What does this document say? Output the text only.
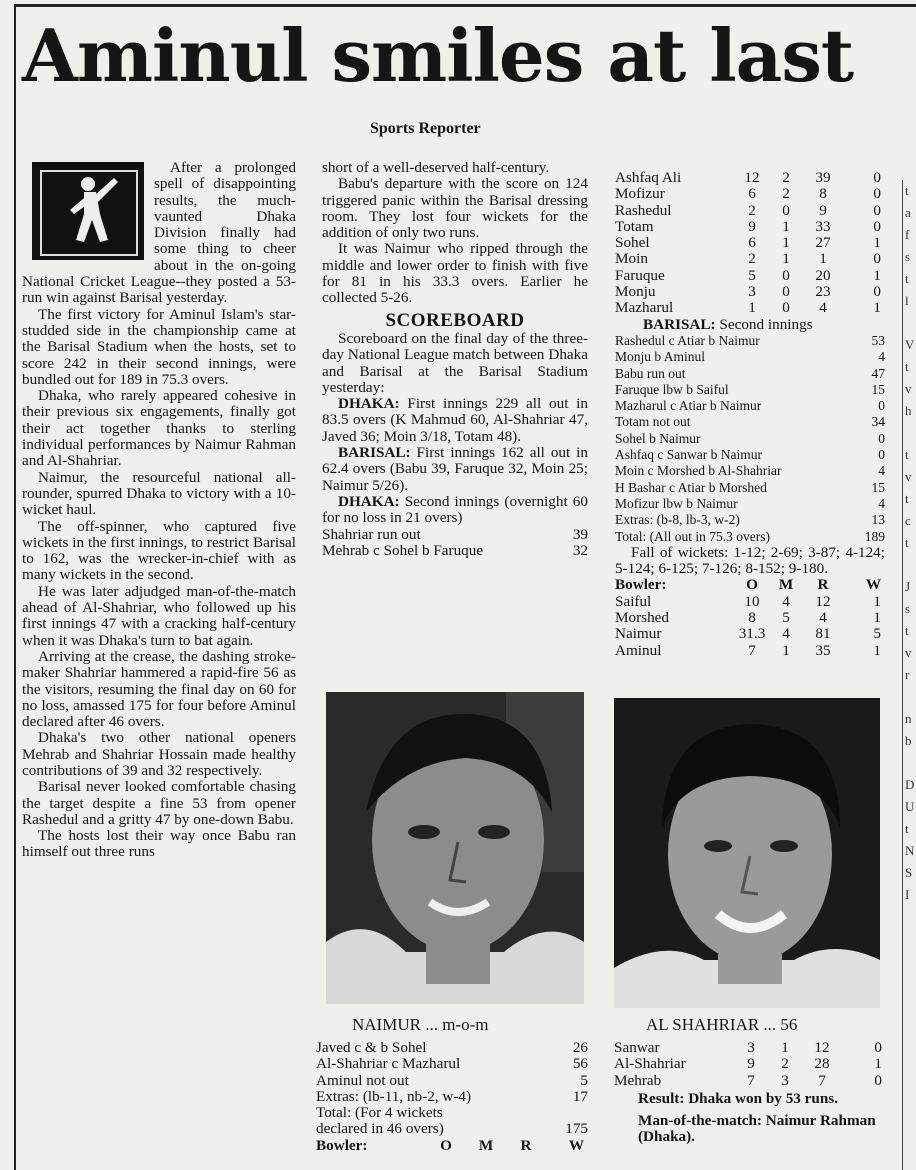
Aminul smiles at last
Sports Reporter

After a prolonged spell of disappointing results, the much-vaunted Dhaka Division finally had some thing to cheer about in the on-going National Cricket League--they posted a 53-run win against Barisal yesterday.

The first victory for Aminul Islam's star-studded side in the championship came at the Barisal Stadium when the hosts, set to score 242 in their second innings, were bundled out for 189 in 75.3 overs.

Dhaka, who rarely appeared cohesive in their previous six engagements, finally got their act together thanks to sterling individual performances by Naimur Rahman and Al-Shahriar.

Naimur, the resourceful national all-rounder, spurred Dhaka to victory with a 10-wicket haul.

The off-spinner, who captured five wickets in the first innings, to restrict Barisal to 162, was the wrecker-in-chief with as many wickets in the second.

He was later adjudged man-of-the-match ahead of Al-Shahriar, who followed up his first innings 47 with a cracking half-century when it was Dhaka's turn to bat again.

Arriving at the crease, the dashing stroke-maker Shahriar hammered a rapid-fire 56 as the visitors, resuming the final day on 60 for no loss, amassed 175 for four before Aminul declared after 46 overs.

Dhaka's two other national openers Mehrab and Shahriar Hossain made healthy contributions of 39 and 32 respectively.

Barisal never looked comfortable chasing the target despite a fine 53 from opener Rashedul and a gritty 47 by one-down Babu.

The hosts lost their way once Babu ran himself out three runs

short of a well-deserved half-century.

Babu's departure with the score on 124 triggered panic within the Barisal dressing room. They lost four wickets for the addition of only two runs.

It was Naimur who ripped through the middle and lower order to finish with five for 81 in his 33.3 overs. Earlier he collected 5-26.

SCOREBOARD

Scoreboard on the final day of the three-day National League match between Dhaka and Barisal at the Barisal Stadium yesterday:

DHAKA: First innings 229 all out in 83.5 overs (K Mahmud 60, Al-Shahriar 47, Javed 36; Moin 3/18, Totam 48).

BARISAL: First innings 162 all out in 62.4 overs (Babu 39, Faruque 32, Moin 25; Naimur 5/26).

DHAKA: Second innings (overnight 60 for no loss in 21 overs)

Shahriar run out	39
Mehrab c Sohel b Faruque	32
Ashfaq Ali	12	2	39	0
Mofizur	6	2	8	0
Rashedul	2	0	9	0
Totam	9	1	33	0
Sohel	6	1	27	1
Moin	2	1	1	0
Faruque	5	0	20	1
Monju	3	0	23	0
Mazharul	1	0	4	1
BARISAL: Second innings
Rashedul c Atiar b Naimur	53
Monju b Aminul	4
Babu run out	47
Faruque lbw b Saiful	15
Mazharul c Atiar b Naimur	0
Totam not out	34
Sohel b Naimur	0
Ashfaq c Sanwar b Naimur	0
Moin c Morshed b Al-Shahriar	4
H Bashar c Atiar b Morshed	15
Mofizur lbw b Naimur	4
Extras: (b-8, lb-3, w-2)	13
Total: (All out in 75.3 overs)	189

Fall of wickets: 1-12; 2-69; 3-87; 4-124; 5-124; 6-125; 7-126; 8-152; 9-180.

Bowler:	O	M	R	W
Saiful	10	4	12	1
Morshed	8	5	4	1
Naimur	31.3	4	81	5
Aminul	7	1	35	1
NAIMUR ... m-o-m	AL SHAHRIAR ... 56
Javed c & b Sohel	26
Al-Shahriar c Mazharul	56
Aminul not out	5
Extras: (lb-11, nb-2, w-4)	17
Total: (For 4 wickets
declared in 46 overs)	175
Bowler:	O	M	R	W
Sanwar	3	1	12	0
Al-Shahriar	9	2	28	1
Mehrab	7	3	7	0
Result: Dhaka won by 53 runs.
Man-of-the-match: Naimur Rahman (Dhaka).
t
a
f
s
t
l

V
t
v
h

t
v
t
c
t

J
s
t
v
r

n
b

D
U
t
N
S
I
